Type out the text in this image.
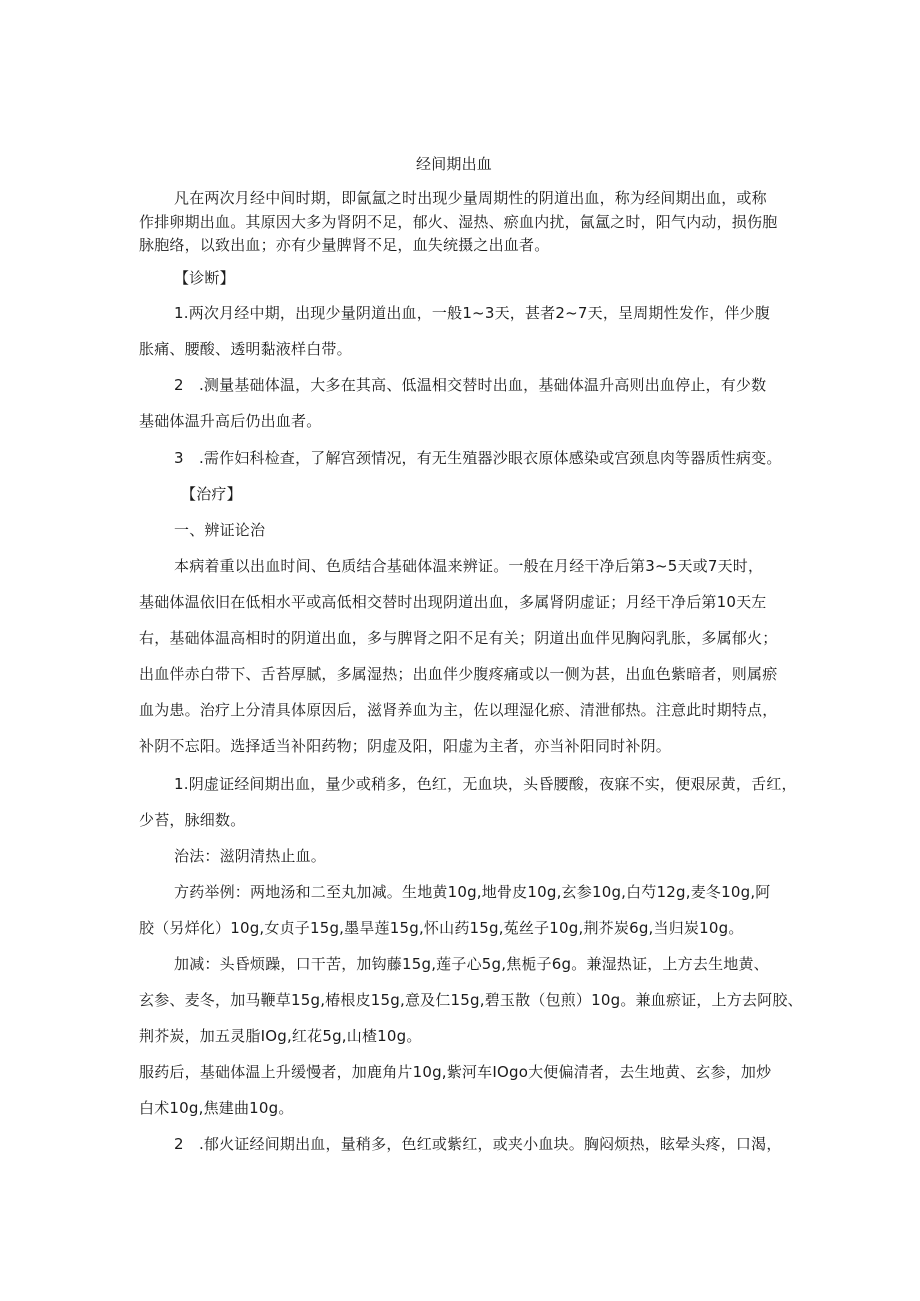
经间期出血
凡在两次月经中间时期，即氤氲之时出现少量周期性的阴道出血，称为经间期出血，或称
作排卵期出血。其原因大多为肾阴不足，郁火、湿热、瘀血内扰，氤氲之时，阳气内动，损伤胞
脉胞络，以致出血；亦有少量脾肾不足，血失统摄之出血者。
【诊断】
1.两次月经中期，出现少量阴道出血，一般1~3天，甚者2~7天，呈周期性发作，伴少腹
胀痛、腰酸、透明黏液样白带。
2　.测量基础体温，大多在其高、低温相交替时出血，基础体温升高则出血停止，有少数
基础体温升高后仍出血者。
3　.需作妇科检查，了解宫颈情况，有无生殖器沙眼衣原体感染或宫颈息肉等器质性病变。
【治疗】
一、辨证论治
本病着重以出血时间、色质结合基础体温来辨证。一般在月经干净后第3~5天或7天时，
基础体温依旧在低相水平或高低相交替时出现阴道出血，多属肾阴虚证；月经干净后第10天左
右，基础体温高相时的阴道出血，多与脾肾之阳不足有关；阴道出血伴见胸闷乳胀，多属郁火；
出血伴赤白带下、舌苔厚腻，多属湿热；出血伴少腹疼痛或以一侧为甚，出血色紫暗者，则属瘀
血为患。治疗上分清具体原因后，滋肾养血为主，佐以理湿化瘀、清泄郁热。注意此时期特点，
补阴不忘阳。选择适当补阳药物；阴虚及阳，阳虚为主者，亦当补阳同时补阴。
1.阴虚证经间期出血，量少或稍多，色红，无血块，头昏腰酸，夜寐不实，便艰尿黄，舌红，
少苔，脉细数。
治法：滋阴清热止血。
方药举例：两地汤和二至丸加减。生地黄10g,地骨皮10g,玄参10g,白芍12g,麦冬10g,阿
胶（另烊化）10g,女贞子15g,墨旱莲15g,怀山药15g,菟丝子10g,荆芥炭6g,当归炭10g。
加减：头昏烦躁，口干苦，加钩藤15g,莲子心5g,焦栀子6g。兼湿热证，上方去生地黄、
玄参、麦冬，加马鞭草15g,椿根皮15g,意及仁15g,碧玉散（包煎）10g。兼血瘀证，上方去阿胶、
荆芥炭，加五灵脂IOg,红花5g,山楂10g。
服药后，基础体温上升缓慢者，加鹿角片10g,紫河车IOgo大便偏清者，去生地黄、玄参，加炒
白术10g,焦建曲10g。
2　.郁火证经间期出血，量稍多，色红或紫红，或夹小血块。胸闷烦热，眩晕头疼，口渴，
